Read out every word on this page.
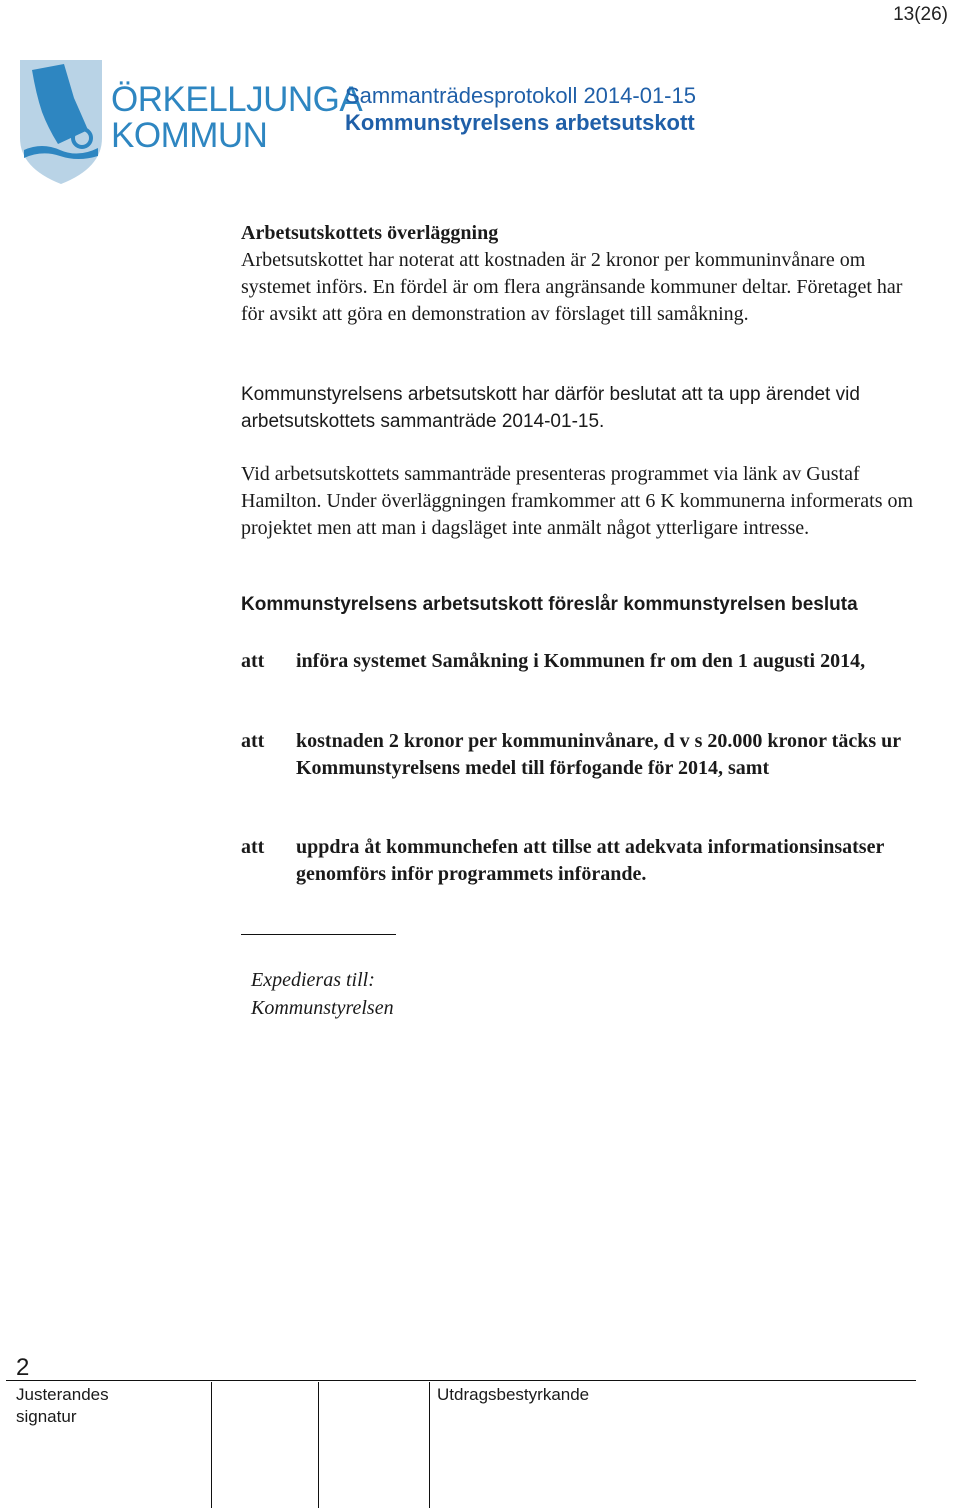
13(26)
ÖRKELLJUNGA
KOMMUN
Sammanträdesprotokoll 2014-01-15
Kommunstyrelsens arbetsutskott
Arbetsutskottets överläggning
Arbetsutskottet har noterat att kostnaden är 2 kronor per kommuninvånare om systemet införs. En fördel är om flera angränsande kommuner deltar. Företaget har för avsikt att göra en demonstration av förslaget till samåkning.
Kommunstyrelsens arbetsutskott har därför beslutat att ta upp ärendet vid arbetsutskottets sammanträde 2014-01-15.
Vid arbetsutskottets sammanträde presenteras programmet via länk av Gustaf Hamilton. Under överläggningen framkommer att 6 K kommunerna informerats om projektet men att man i dagsläget inte anmält något ytterligare intresse.
Kommunstyrelsens arbetsutskott föreslår kommunstyrelsen besluta
att införa systemet Samåkning i Kommunen fr om den 1 augusti 2014,
att kostnaden 2 kronor per kommuninvånare, d v s 20.000 kronor täcks ur Kommunstyrelsens medel till förfogande för 2014, samt
att uppdra åt kommunchefen att tillse att adekvata informationsinsatser genomförs inför programmets införande.
Expedieras till:
Kommunstyrelsen
2
Justerandes
signatur
Utdragsbestyrkande
